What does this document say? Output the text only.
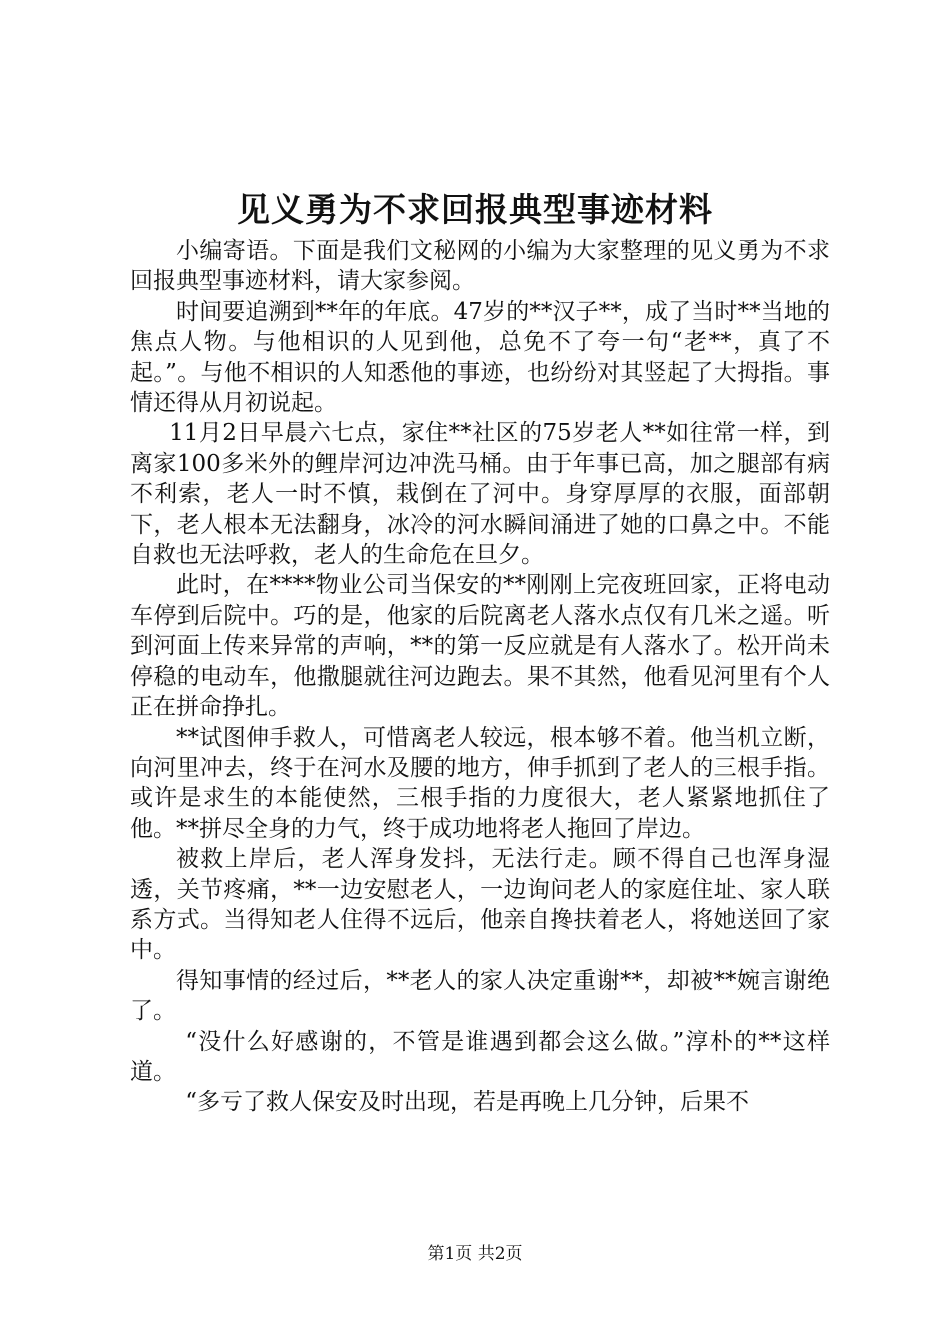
见义勇为不求回报典型事迹材料

小编寄语。下面是我们文秘网的小编为大家整理的见义勇为不求回报典型事迹材料，请大家参阅。

时间要追溯到**年的年底。47岁的**汉子**，成了当时**当地的焦点人物。与他相识的人见到他，总免不了夸一句“老**，真了不起。”。与他不相识的人知悉他的事迹，也纷纷对其竖起了大拇指。事情还得从月初说起。

11月2日早晨六七点，家住**社区的75岁老人**如往常一样，到离家100多米外的鲤岸河边冲洗马桶。由于年事已高，加之腿部有病不利索，老人一时不慎，栽倒在了河中。身穿厚厚的衣服，面部朝下，老人根本无法翻身，冰冷的河水瞬间涌进了她的口鼻之中。不能自救也无法呼救，老人的生命危在旦夕。

此时，在****物业公司当保安的**刚刚上完夜班回家，正将电动车停到后院中。巧的是，他家的后院离老人落水点仅有几米之遥。听到河面上传来异常的声响，**的第一反应就是有人落水了。松开尚未停稳的电动车，他撒腿就往河边跑去。果不其然，他看见河里有个人正在拼命挣扎。

**试图伸手救人，可惜离老人较远，根本够不着。他当机立断，向河里冲去，终于在河水及腰的地方，伸手抓到了老人的三根手指。或许是求生的本能使然，三根手指的力度很大，老人紧紧地抓住了他。**拼尽全身的力气，终于成功地将老人拖回了岸边。

被救上岸后，老人浑身发抖，无法行走。顾不得自己也浑身湿透，关节疼痛，**一边安慰老人，一边询问老人的家庭住址、家人联系方式。当得知老人住得不远后，他亲自搀扶着老人，将她送回了家中。

得知事情的经过后，**老人的家人决定重谢**，却被**婉言谢绝了。

“没什么好感谢的，不管是谁遇到都会这么做。”淳朴的**这样道。

“多亏了救人保安及时出现，若是再晚上几分钟，后果不

第1页 共2页
